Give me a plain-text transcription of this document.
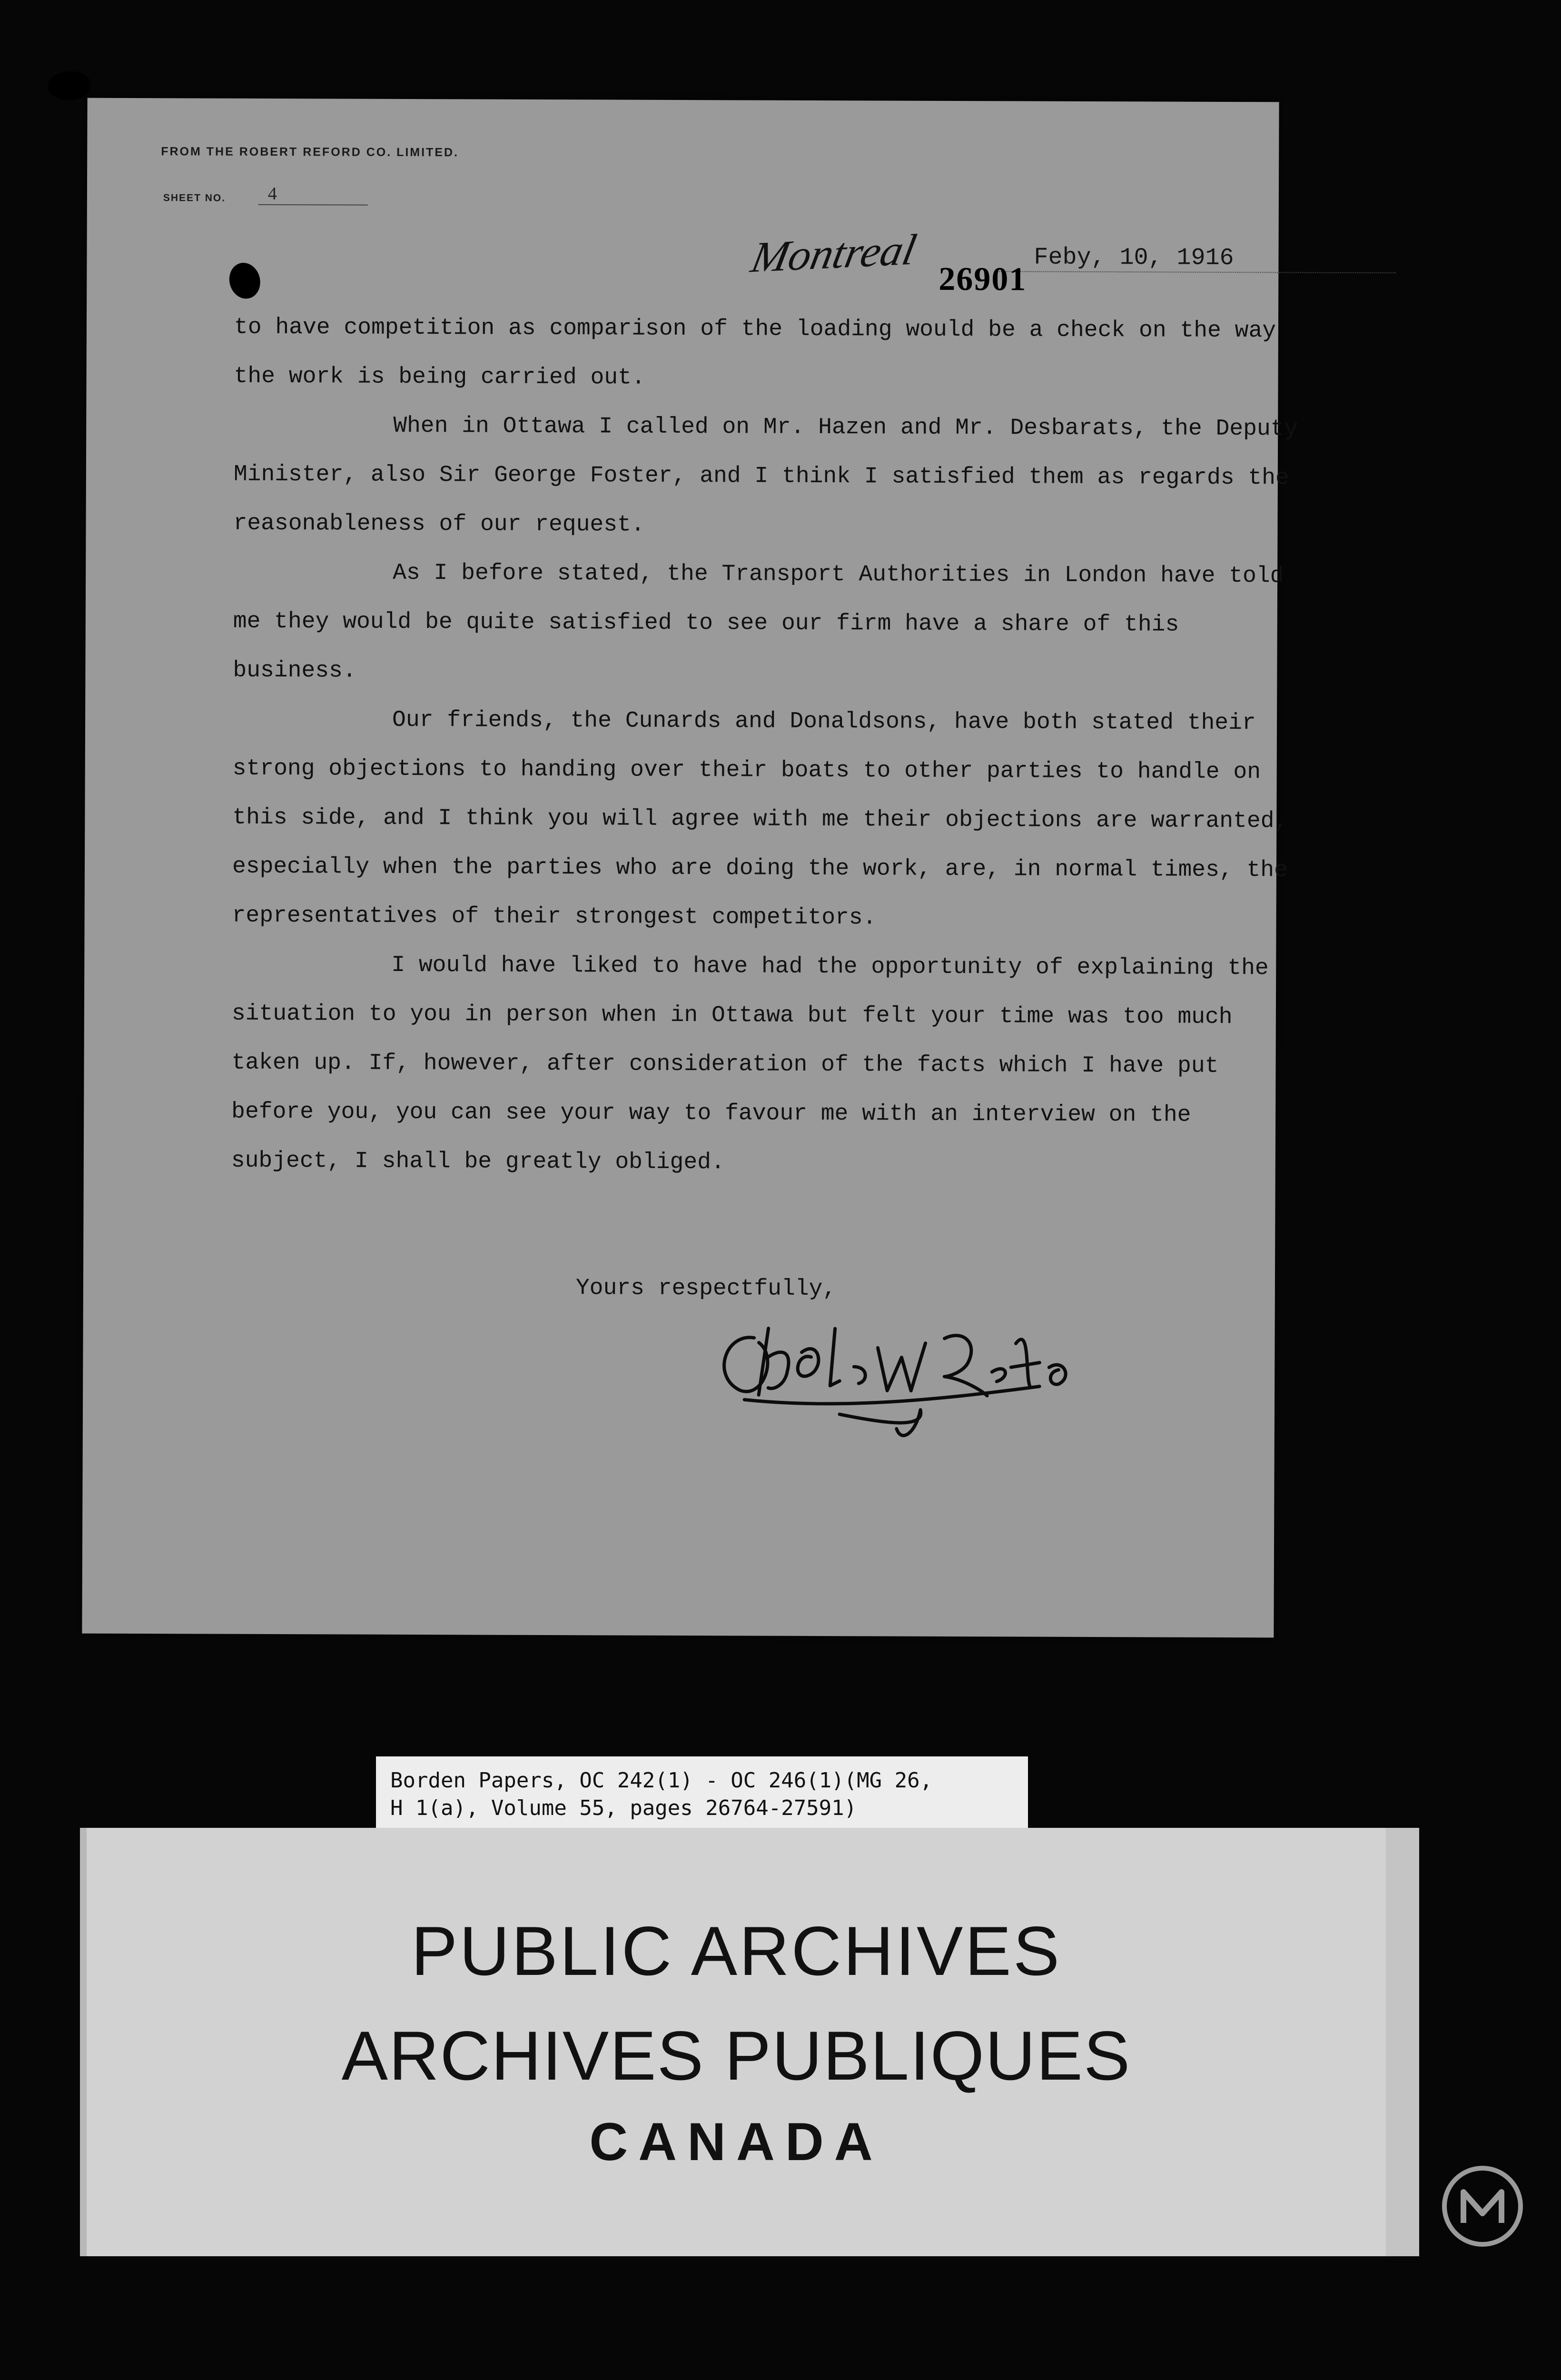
FROM THE ROBERT REFORD CO. LIMITED.
SHEET NO.	4
Montreal	Feby, 10, 1916
26901

to have competition as comparison of the loading would be a check on the way the work is being carried out.

When in Ottawa I called on Mr. Hazen and Mr. Desbarats, the Deputy Minister, also Sir George Foster, and I think I satisfied them as regards the reasonableness of our request.

As I before stated, the Transport Authorities in London have told me they would be quite satisfied to see our firm have a share of this business.

Our friends, the Cunards and Donaldsons, have both stated their strong objections to handing over their boats to other parties to handle on this side, and I think you will agree with me their objections are warranted, especially when the parties who are doing the work, are, in normal times, the representatives of their strongest competitors.

I would have liked to have had the opportunity of explaining the situation to you in person when in Ottawa but felt your time was too much taken up. If, however, after consideration of the facts which I have put before you, you can see your way to favour me with an interview on the subject, I shall be greatly obliged.

Yours respectfully,
Borden Papers, OC 242(1) - OC 246(1)(MG 26,
H 1(a), Volume 55, pages 26764-27591)
PUBLIC ARCHIVES
ARCHIVES PUBLIQUES
CANADA
